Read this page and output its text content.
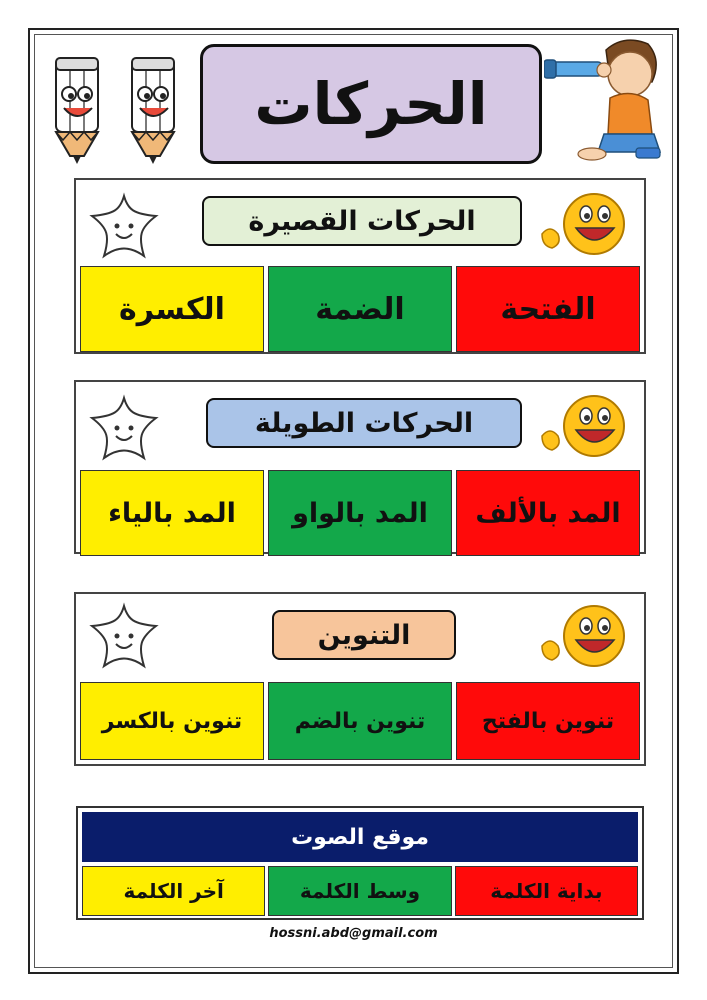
الحركات
الحركات القصيرة
الفتحة
الضمة
الكسرة
الحركات الطويلة
المد بالألف
المد بالواو
المد بالياء
التنوين
تنوين بالفتح
تنوين بالضم
تنوين بالكسر
موقع الصوت
بداية الكلمة
وسط الكلمة
آخر الكلمة
hossni.abd@gmail.com
